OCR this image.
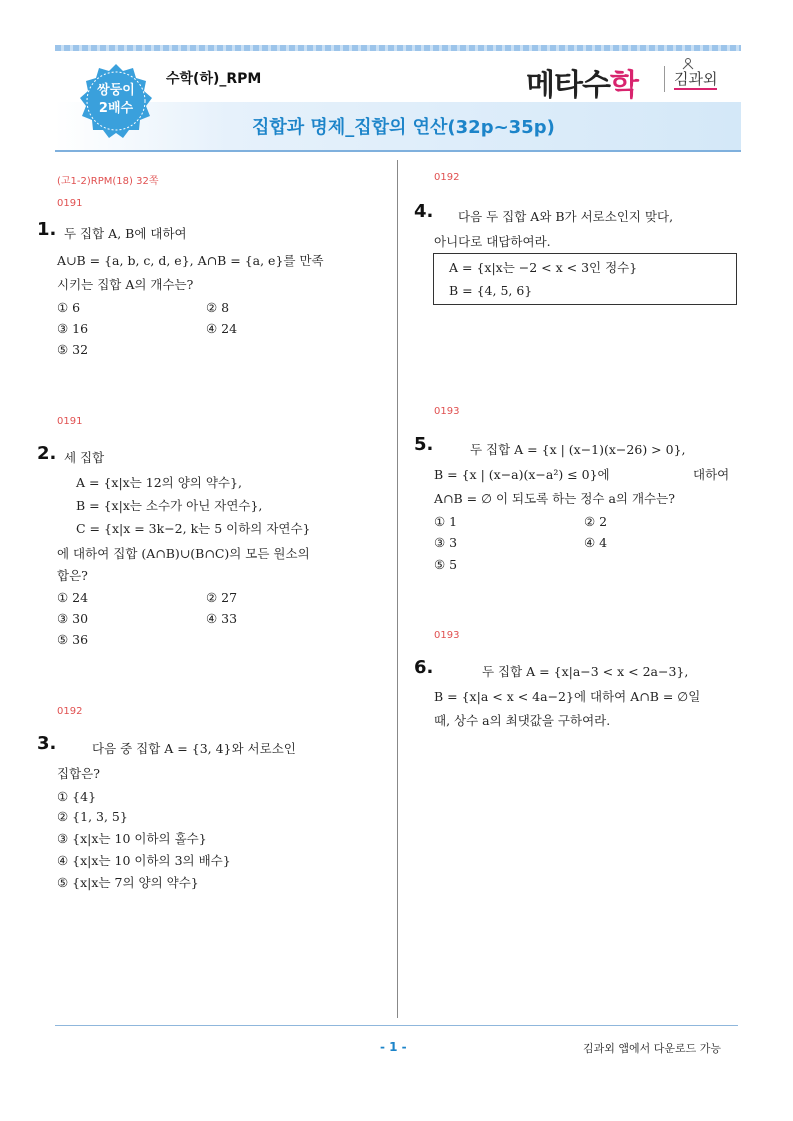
쌍둥이
2배수
수학(하)_RPM	메타수학 김과외
집합과 명제_집합의 연산(32p~35p)
(고1-2)RPM(18) 32쪽
0191
1. 두 집합 A, B에 대하여
A∪B = {a, b, c, d, e}, A∩B = {a, e}를 만족
시키는 집합 A의 개수는?
① 6	② 8
③ 16	④ 24
⑤ 32
0191
2. 세 집합
A = {x|x는 12의 양의 약수},
B = {x|x는 소수가 아닌 자연수},
C = {x|x = 3k−2, k는 5 이하의 자연수}
에 대하여 집합 (A∩B)∪(B∩C)의 모든 원소의
합은?
① 24	② 27
③ 30	④ 33
⑤ 36
0192
3.	다음 중 집합 A = {3, 4}와 서로소인
집합은?
① {4}
② {1, 3, 5}
③ {x|x는 10 이하의 홀수}
④ {x|x는 10 이하의 3의 배수}
⑤ {x|x는 7의 양의 약수}
0192
4. 다음 두 집합 A와 B가 서로소인지 맞다,
아니다로 대답하여라.
A = {x|x는 −2 < x < 3인 정수}
B = {4, 5, 6}
0193
5.	두 집합 A = {x | (x−1)(x−26) > 0},
B = {x | (x−a)(x−a²) ≤ 0}에	대하여
A∩B = ∅ 이 되도록 하는 정수 a의 개수는?
① 1	② 2
③ 3	④ 4
⑤ 5
0193
6.	두 집합 A = {x|a−3 < x < 2a−3},
B = {x|a < x < 4a−2}에 대하여 A∩B = ∅일
때, 상수 a의 최댓값을 구하여라.
- 1 -	김과외 앱에서 다운로드 가능
